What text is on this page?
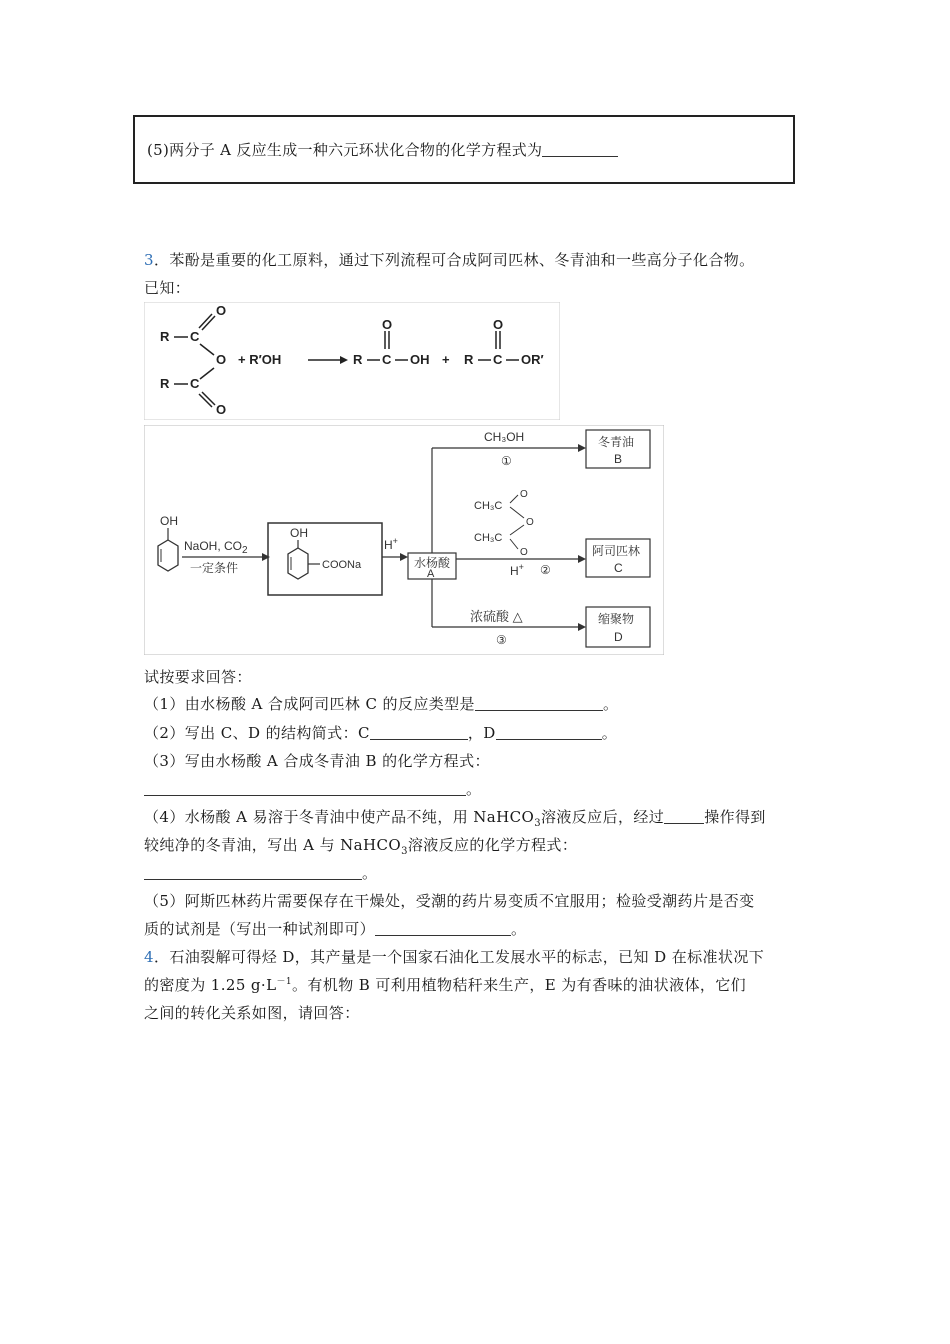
(5)两分子 A 反应生成一种六元环状化合物的化学方程式为
3．苯酚是重要的化工原料，通过下列流程可合成阿司匹林、冬青油和一些高分子化合物。
已知：
R C
O
O
R C
O
+ R′OH	R C
O
OH + R C
O
OR′
OH
NaOH, $CO_2$
一定条件
OH
COONa
H+
水杨酸
A
CH₃OH
①
冬青油
B
CH₃C
CH₃C
O
O
O
H+ ②
阿司匹林
C
浓硫酸 △
③
缩聚物
D
试按要求回答：
（1）由水杨酸 A 合成阿司匹林 C 的反应类型是	。
（2）写出 C、D 的结构简式：C	，D	。
（3）写由水杨酸 A 合成冬青油 B 的化学方程式：
。
（4）水杨酸 A 易溶于冬青油中使产品不纯，用 NaHCO$_3$溶液反应后，经过	操作得到
较纯净的冬青油，写出 A 与 NaHCO$_3$溶液反应的化学方程式：
。
（5）阿斯匹林药片需要保存在干燥处，受潮的药片易变质不宜服用；检验受潮药片是否变
质的试剂是（写出一种试剂即可）	。
4．石油裂解可得烃 D，其产量是一个国家石油化工发展水平的标志，已知 D 在标准状况下
的密度为 1.25 $g\cdot L^{-1}$。有机物 B 可利用植物秸秆来生产，E 为有香味的油状液体，它们
之间的转化关系如图，请回答：
